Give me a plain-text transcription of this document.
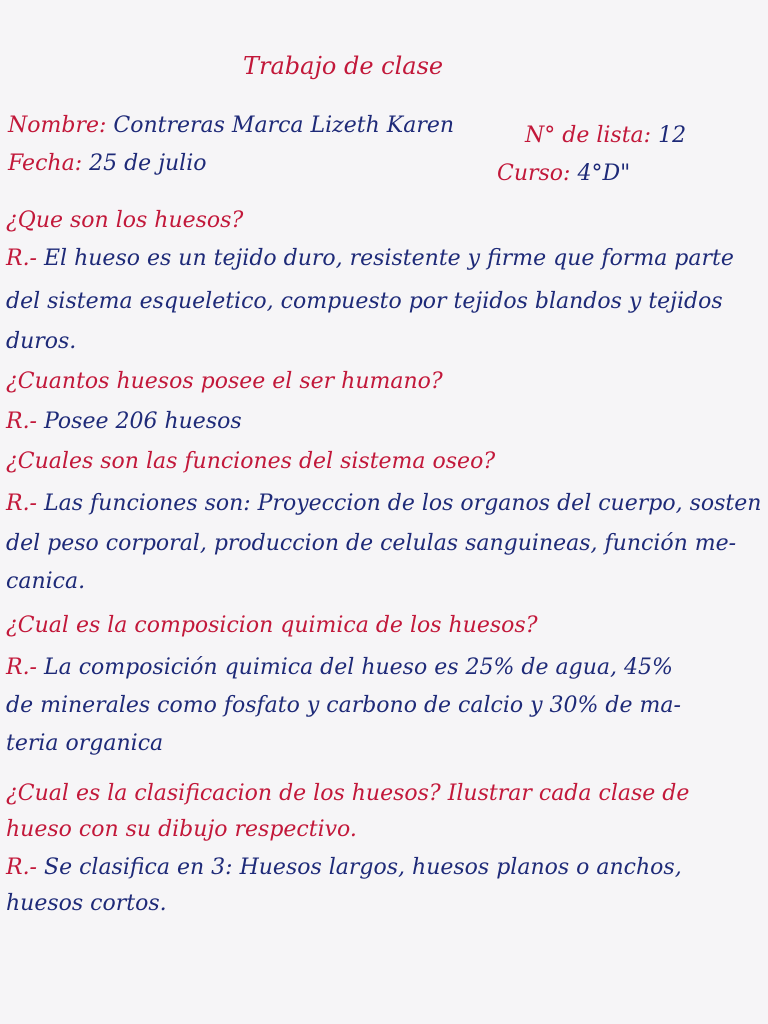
Trabajo de clase
Nombre: Contreras Marca Lizeth Karen	N° de lista: 12
Fecha: 25 de julio	Curso: 4°D"
¿Que son los huesos?
R.- El hueso es un tejido duro, resistente y firme que forma parte
del sistema esqueletico, compuesto por tejidos blandos y tejidos
duros.
¿Cuantos huesos posee el ser humano?
R.- Posee 206 huesos
¿Cuales son las funciones del sistema oseo?
R.- Las funciones son: Proyeccion de los organos del cuerpo, sosten
del peso corporal, produccion de celulas sanguineas, función me-
canica.
¿Cual es la composicion quimica de los huesos?
R.- La composición quimica del hueso es 25% de agua, 45%
de minerales como fosfato y carbono de calcio y 30% de ma-
teria organica
¿Cual es la clasificacion de los huesos? Ilustrar cada clase de
hueso con su dibujo respectivo.
R.- Se clasifica en 3: Huesos largos, huesos planos o anchos,
huesos cortos.
